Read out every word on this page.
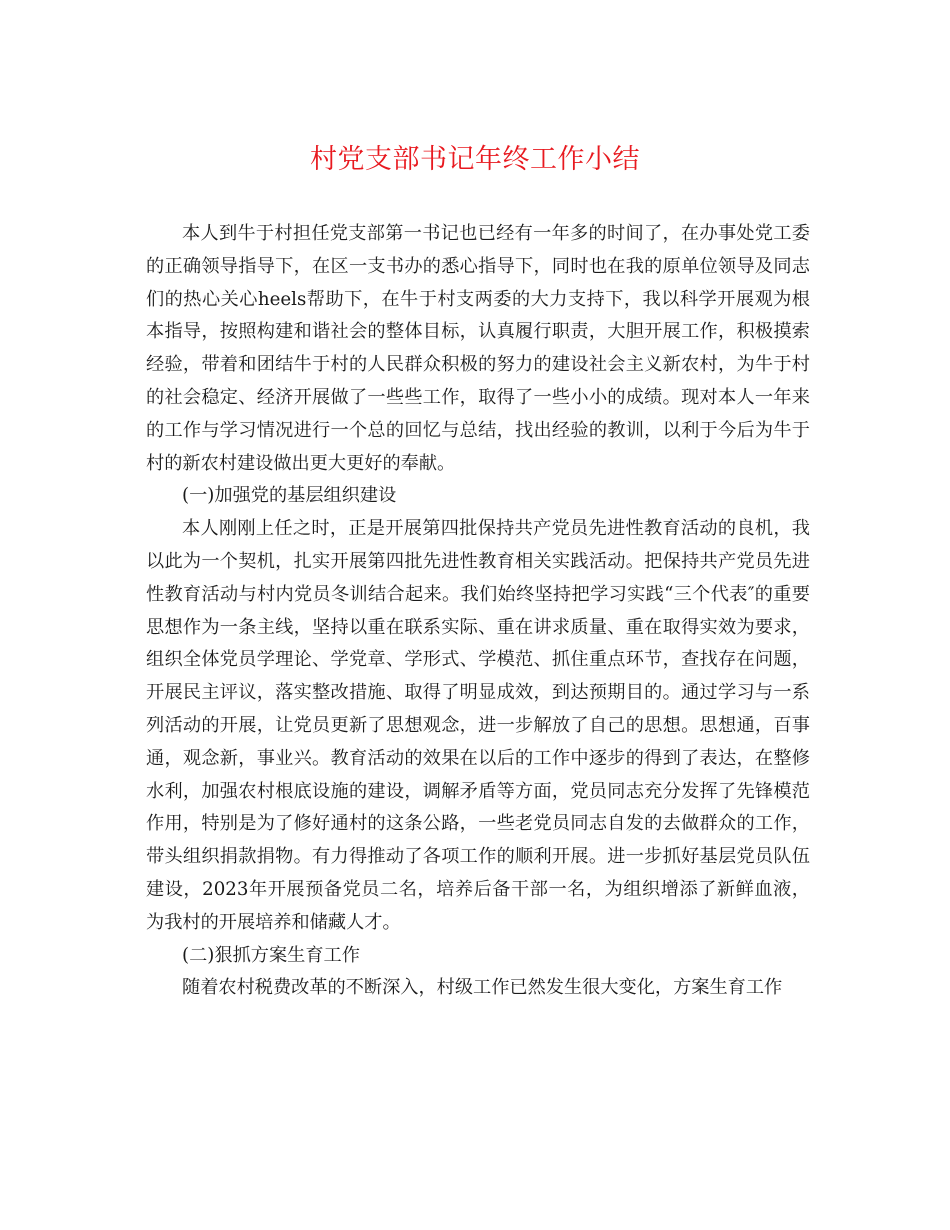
村党支部书记年终工作小结

本人到牛于村担任党支部第一书记也已经有一年多的时间了，在办事处党工委的正确领导指导下，在区一支书办的悉心指导下，同时也在我的原单位领导及同志们的热心关心heels帮助下，在牛于村支两委的大力支持下，我以科学开展观为根本指导，按照构建和谐社会的整体目标，认真履行职责，大胆开展工作，积极摸索经验，带着和团结牛于村的人民群众积极的努力的建设社会主义新农村，为牛于村的社会稳定、经济开展做了一些些工作，取得了一些小小的成绩。现对本人一年来的工作与学习情况进行一个总的回忆与总结，找出经验的教训，以利于今后为牛于村的新农村建设做出更大更好的奉献。

(一)加强党的基层组织建设

本人刚刚上任之时，正是开展第四批保持共产党员先进性教育活动的良机，我以此为一个契机，扎实开展第四批先进性教育相关实践活动。把保持共产党员先进性教育活动与村内党员冬训结合起来。我们始终坚持把学习实践“三个代表″的重要思想作为一条主线，坚持以重在联系实际、重在讲求质量、重在取得实效为要求，组织全体党员学理论、学党章、学形式、学模范、抓住重点环节，查找存在问题，开展民主评议，落实整改措施、取得了明显成效，到达预期目的。通过学习与一系列活动的开展，让党员更新了思想观念，进一步解放了自己的思想。思想通，百事通，观念新，事业兴。教育活动的效果在以后的工作中逐步的得到了表达，在整修水利，加强农村根底设施的建设，调解矛盾等方面，党员同志充分发挥了先锋模范作用，特别是为了修好通村的这条公路，一些老党员同志自发的去做群众的工作，带头组织捐款捐物。有力得推动了各项工作的顺利开展。进一步抓好基层党员队伍建设，2023年开展预备党员二名，培养后备干部一名，为组织增添了新鲜血液，为我村的开展培养和储藏人才。

(二)狠抓方案生育工作

随着农村税费改革的不断深入，村级工作已然发生很大变化，方案生育工作
